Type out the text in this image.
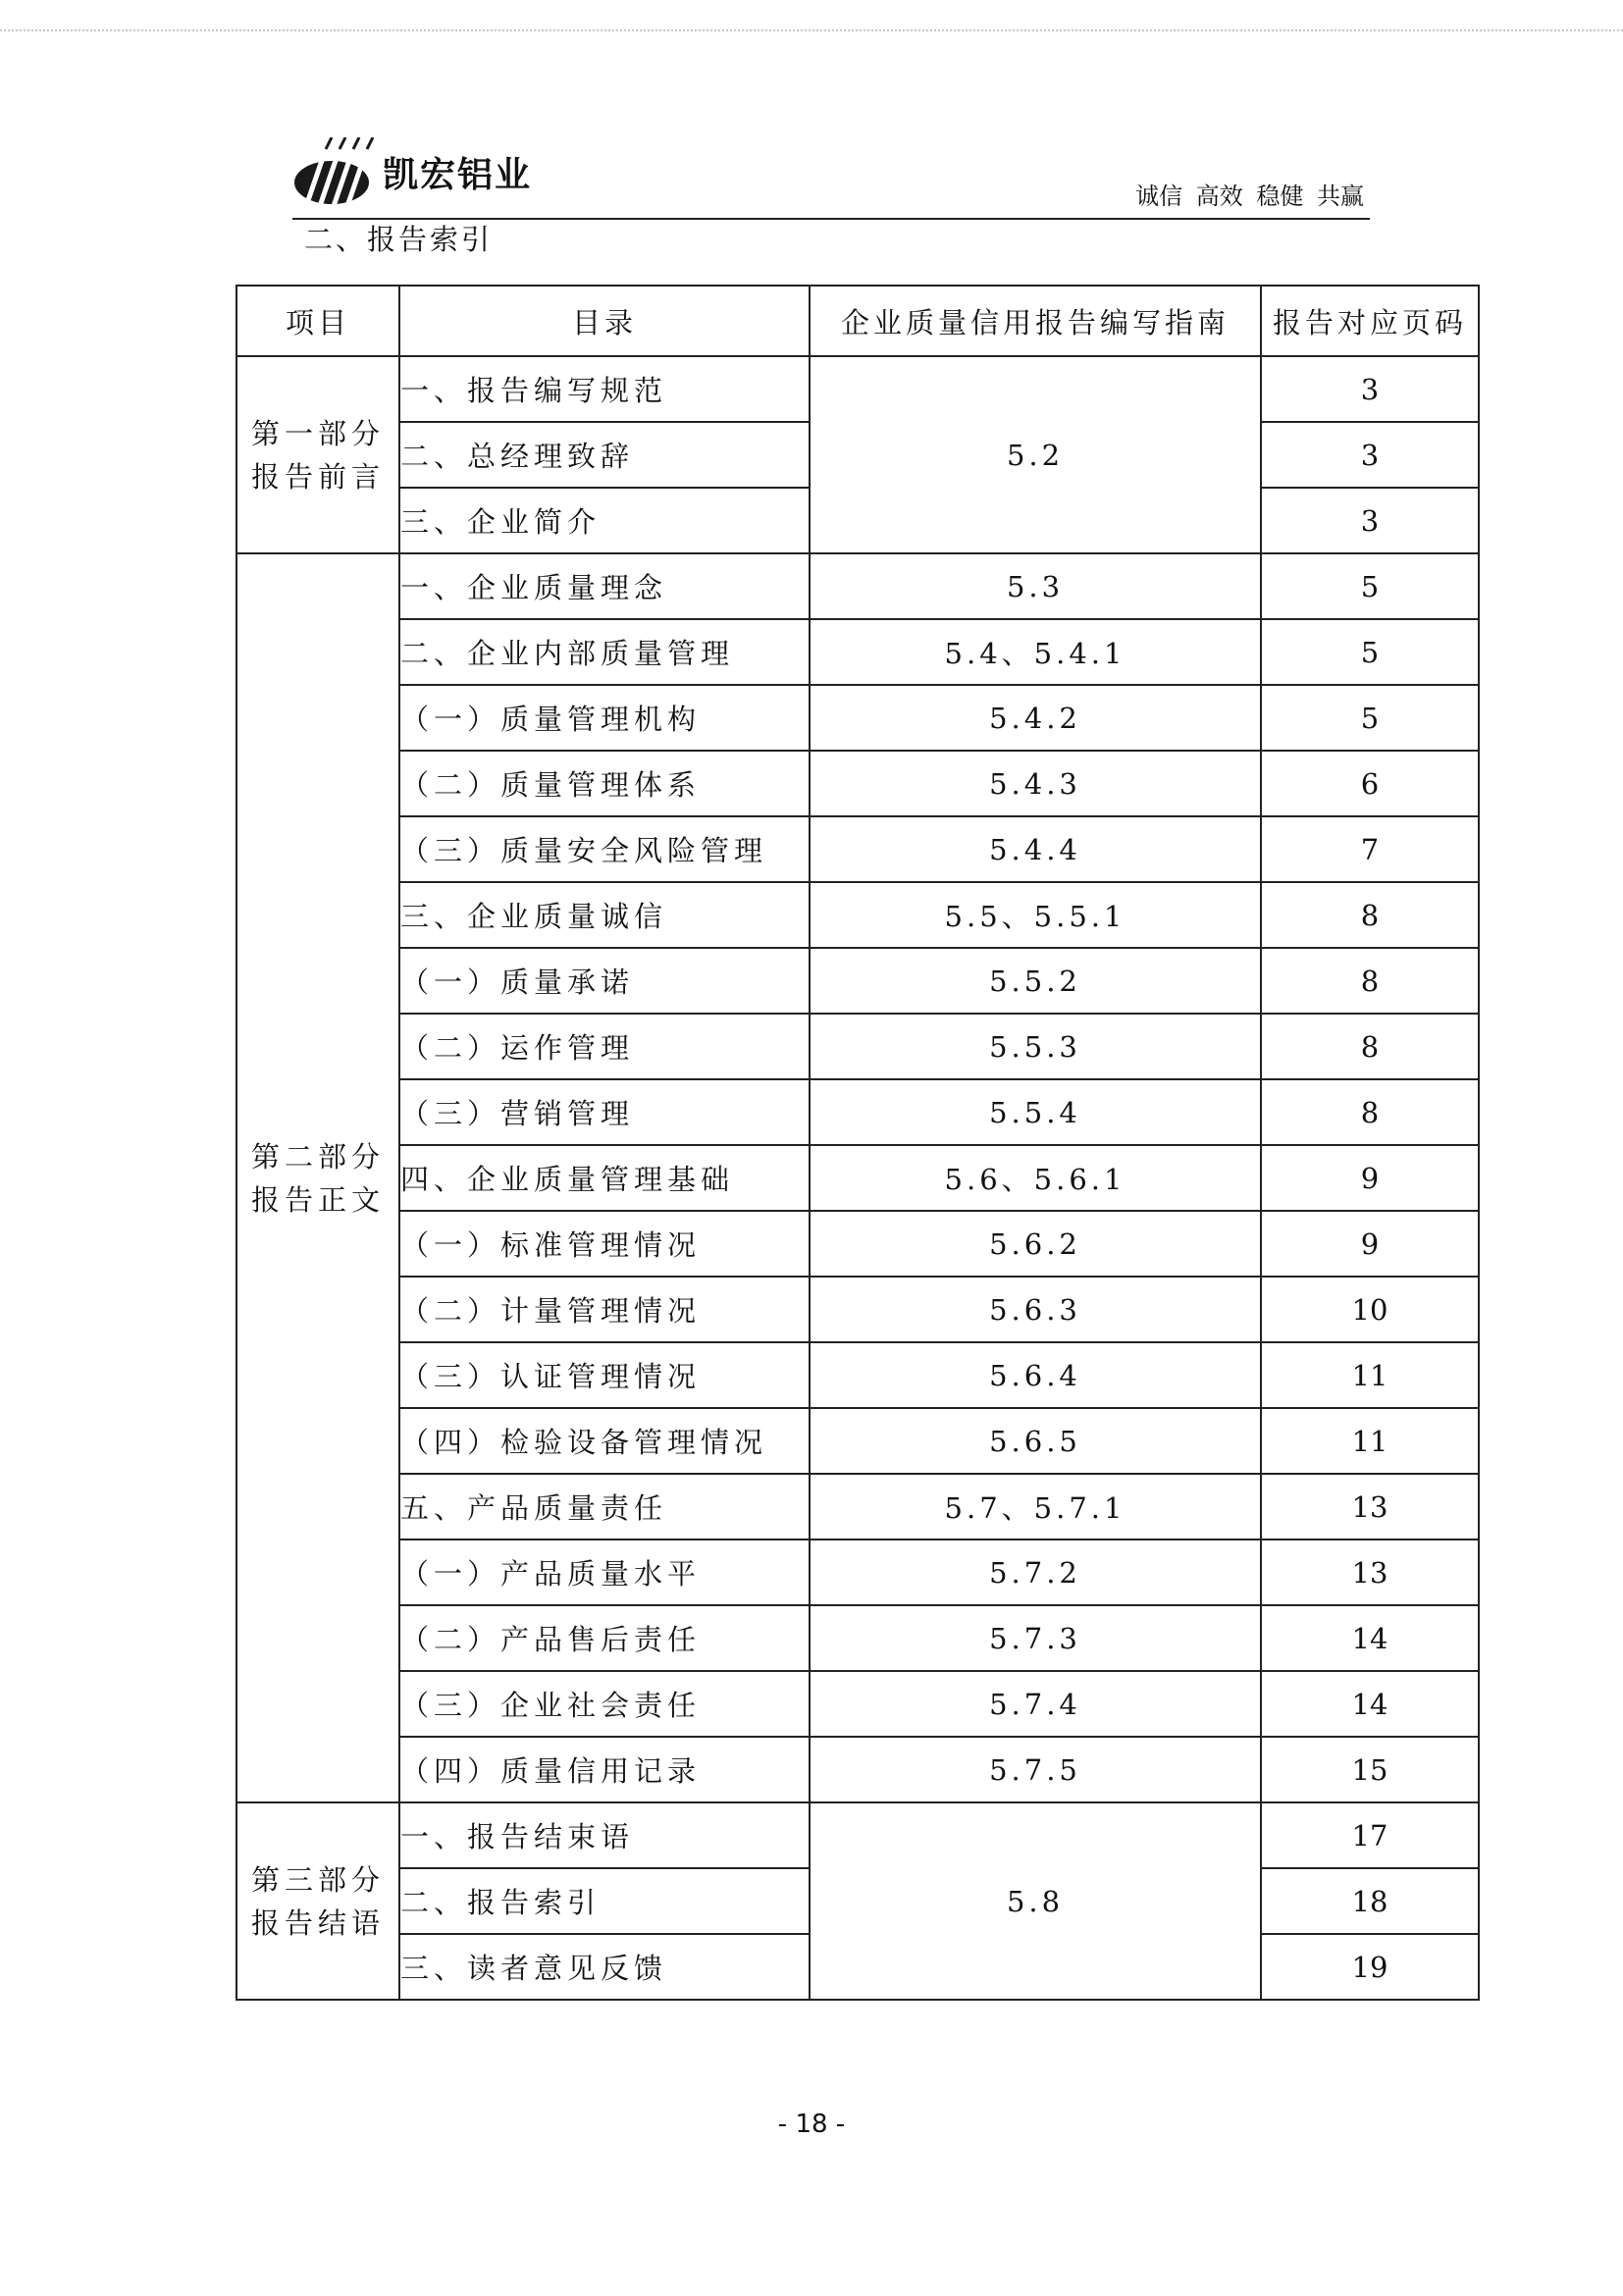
凯宏铝业
诚信 高效 稳健 共赢
二、报告索引
项目	目录	企业质量信用报告编写指南	报告对应页码

第一部分
报告前言	一、报告编写规范	5.2	3
	二、总经理致辞		3
	三、企业简介		3

第二部分
报告正文	一、企业质量理念	5.3	5
	二、企业内部质量管理	5.4、5.4.1	5
	（一）质量管理机构	5.4.2	5
	（二）质量管理体系	5.4.3	6
	（三）质量安全风险管理	5.4.4	7
	三、企业质量诚信	5.5、5.5.1	8
	（一）质量承诺	5.5.2	8
	（二）运作管理	5.5.3	8
	（三）营销管理	5.5.4	8
	四、企业质量管理基础	5.6、5.6.1	9
	（一）标准管理情况	5.6.2	9
	（二）计量管理情况	5.6.3	10
	（三）认证管理情况	5.6.4	11
	（四）检验设备管理情况	5.6.5	11
	五、产品质量责任	5.7、5.7.1	13
	（一）产品质量水平	5.7.2	13
	（二）产品售后责任	5.7.3	14
	（三）企业社会责任	5.7.4	14
	（四）质量信用记录	5.7.5	15

第三部分
报告结语	一、报告结束语	5.8	17
	二、报告索引		18
	三、读者意见反馈		19
- 18 -
